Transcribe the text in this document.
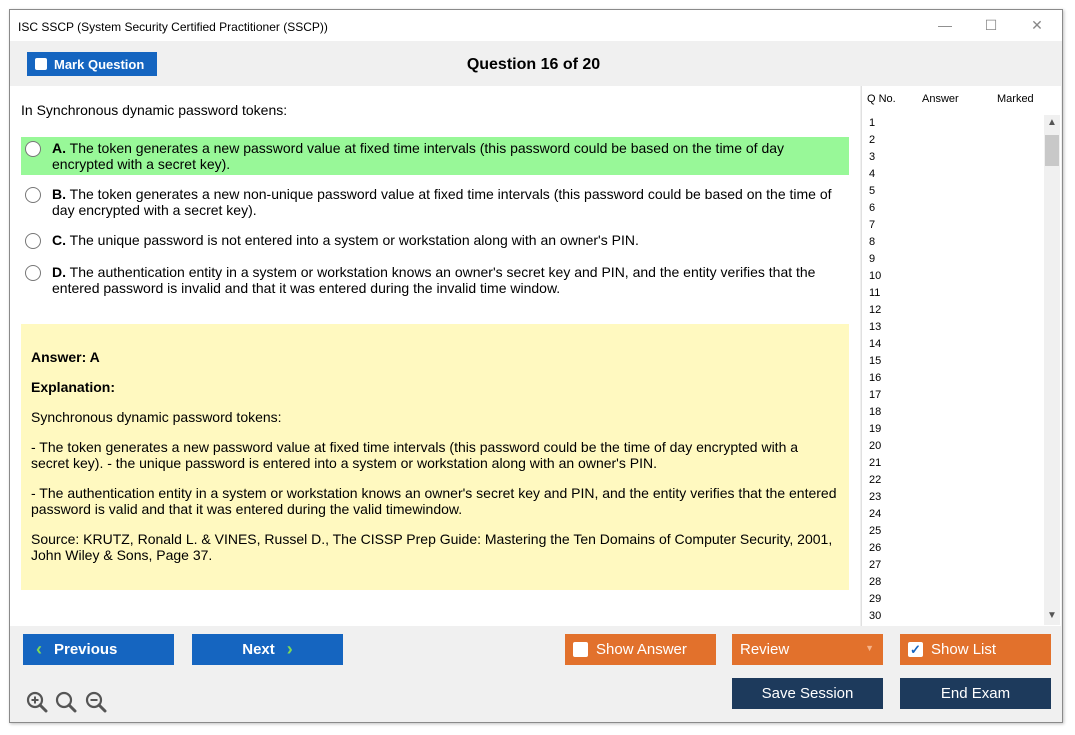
ISC SSCP (System Security Certified Practitioner (SSCP))	— ☐ ✕
Mark Question	Question 16 of 20
In Synchronous dynamic password tokens:
A. The token generates a new password value at fixed time intervals (this password could be based on the time of day encrypted with a secret key).
B. The token generates a new non-unique password value at fixed time intervals (this password could be based on the time of day encrypted with a secret key).
C. The unique password is not entered into a system or workstation along with an owner's PIN.
D. The authentication entity in a system or workstation knows an owner's secret key and PIN, and the entity verifies that the entered password is invalid and that it was entered during the invalid time window.

Answer: A

Explanation:

Synchronous dynamic password tokens:

- The token generates a new password value at fixed time intervals (this password could be the time of day encrypted with a secret key). - the unique password is entered into a system or workstation along with an owner's PIN.

- The authentication entity in a system or workstation knows an owner's secret key and PIN, and the entity verifies that the entered password is valid and that it was entered during the valid timewindow.

Source: KRUTZ, Ronald L. & VINES, Russel D., The CISSP Prep Guide: Mastering the Ten Domains of Computer Security, 2001, John Wiley & Sons, Page 37.

Q No. Answer	Marked
1
2
3
4
5
6
7
8
9
10
11
12
13
14
15
16
17
18
19
20
21
22
23
24
25
26
27
28
29
30
▲
▼
‹ Previous	Next ›	Show Answer	Review	▼	✓ Show List
Save Session	End Exam
